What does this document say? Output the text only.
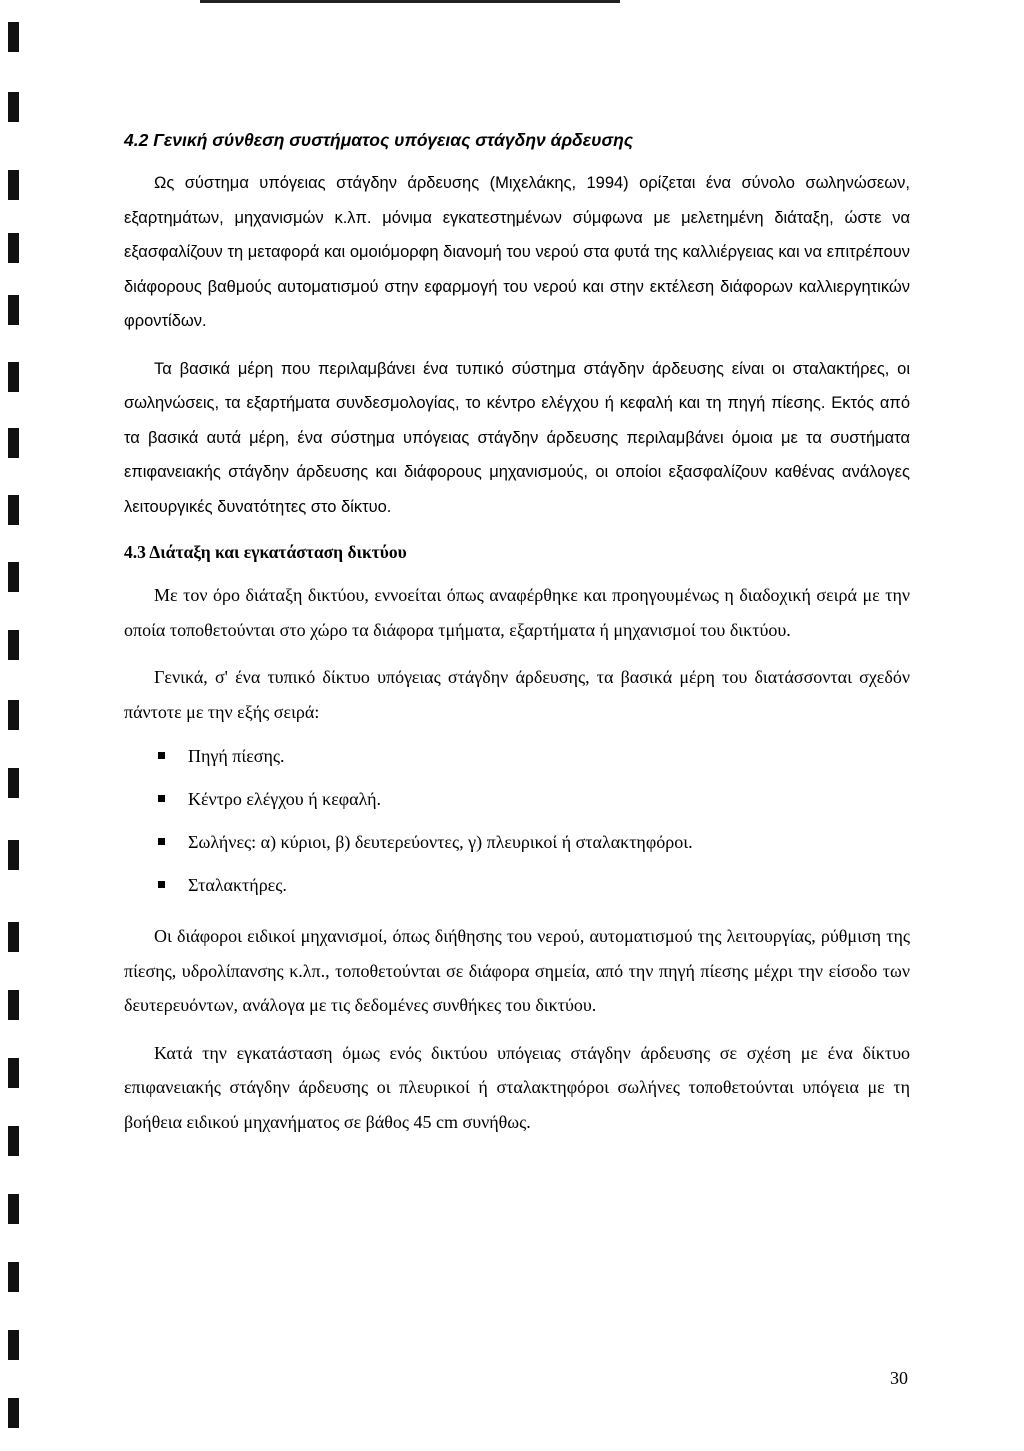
4.2 Γενική σύνθεση συστήματος υπόγειας στάγδην άρδευσης

Ως σύστημα υπόγειας στάγδην άρδευσης (Μιχελάκης, 1994) ορίζεται ένα σύνολο σωληνώσεων, εξαρτημάτων, μηχανισμών κ.λπ. μόνιμα εγκατεστημένων σύμφωνα με μελετημένη διάταξη, ώστε να εξασφαλίζουν τη μεταφορά και ομοιόμορφη διανομή του νερού στα φυτά της καλλιέργειας και να επιτρέπουν διάφορους βαθμούς αυτοματισμού στην εφαρμογή του νερού και στην εκτέλεση διάφορων καλλιεργητικών φροντίδων.

Τα βασικά μέρη που περιλαμβάνει ένα τυπικό σύστημα στάγδην άρδευσης είναι οι σταλακτήρες, οι σωληνώσεις, τα εξαρτήματα συνδεσμολογίας, το κέντρο ελέγχου ή κεφαλή και τη πηγή πίεσης. Εκτός από τα βασικά αυτά μέρη, ένα σύστημα υπόγειας στάγδην άρδευσης περιλαμβάνει όμοια με τα συστήματα επιφανειακής στάγδην άρδευσης και διάφορους μηχανισμούς, οι οποίοι εξασφαλίζουν καθένας ανάλογες λειτουργικές δυνατότητες στο δίκτυο.

4.3 Διάταξη και εγκατάσταση δικτύου

Με τον όρο διάταξη δικτύου, εννοείται όπως αναφέρθηκε και προηγουμένως η διαδοχική σειρά με την οποία τοποθετούνται στο χώρο τα διάφορα τμήματα, εξαρτήματα ή μηχανισμοί του δικτύου.

Γενικά, σ' ένα τυπικό δίκτυο υπόγειας στάγδην άρδευσης, τα βασικά μέρη του διατάσσονται σχεδόν πάντοτε με την εξής σειρά:

Πηγή πίεσης.
Κέντρο ελέγχου ή κεφαλή.
Σωλήνες: α) κύριοι, β) δευτερεύοντες, γ) πλευρικοί ή σταλακτηφόροι.
Σταλακτήρες.

Οι διάφοροι ειδικοί μηχανισμοί, όπως διήθησης του νερού, αυτοματισμού της λειτουργίας, ρύθμιση της πίεσης, υδρολίπανσης κ.λπ., τοποθετούνται σε διάφορα σημεία, από την πηγή πίεσης μέχρι την είσοδο των δευτερευόντων, ανάλογα με τις δεδομένες συνθήκες του δικτύου.

Κατά την εγκατάσταση όμως ενός δικτύου υπόγειας στάγδην άρδευσης σε σχέση με ένα δίκτυο επιφανειακής στάγδην άρδευσης οι πλευρικοί ή σταλακτηφόροι σωλήνες τοποθετούνται υπόγεια με τη βοήθεια ειδικού μηχανήματος σε βάθος 45 cm συνήθως.

30
